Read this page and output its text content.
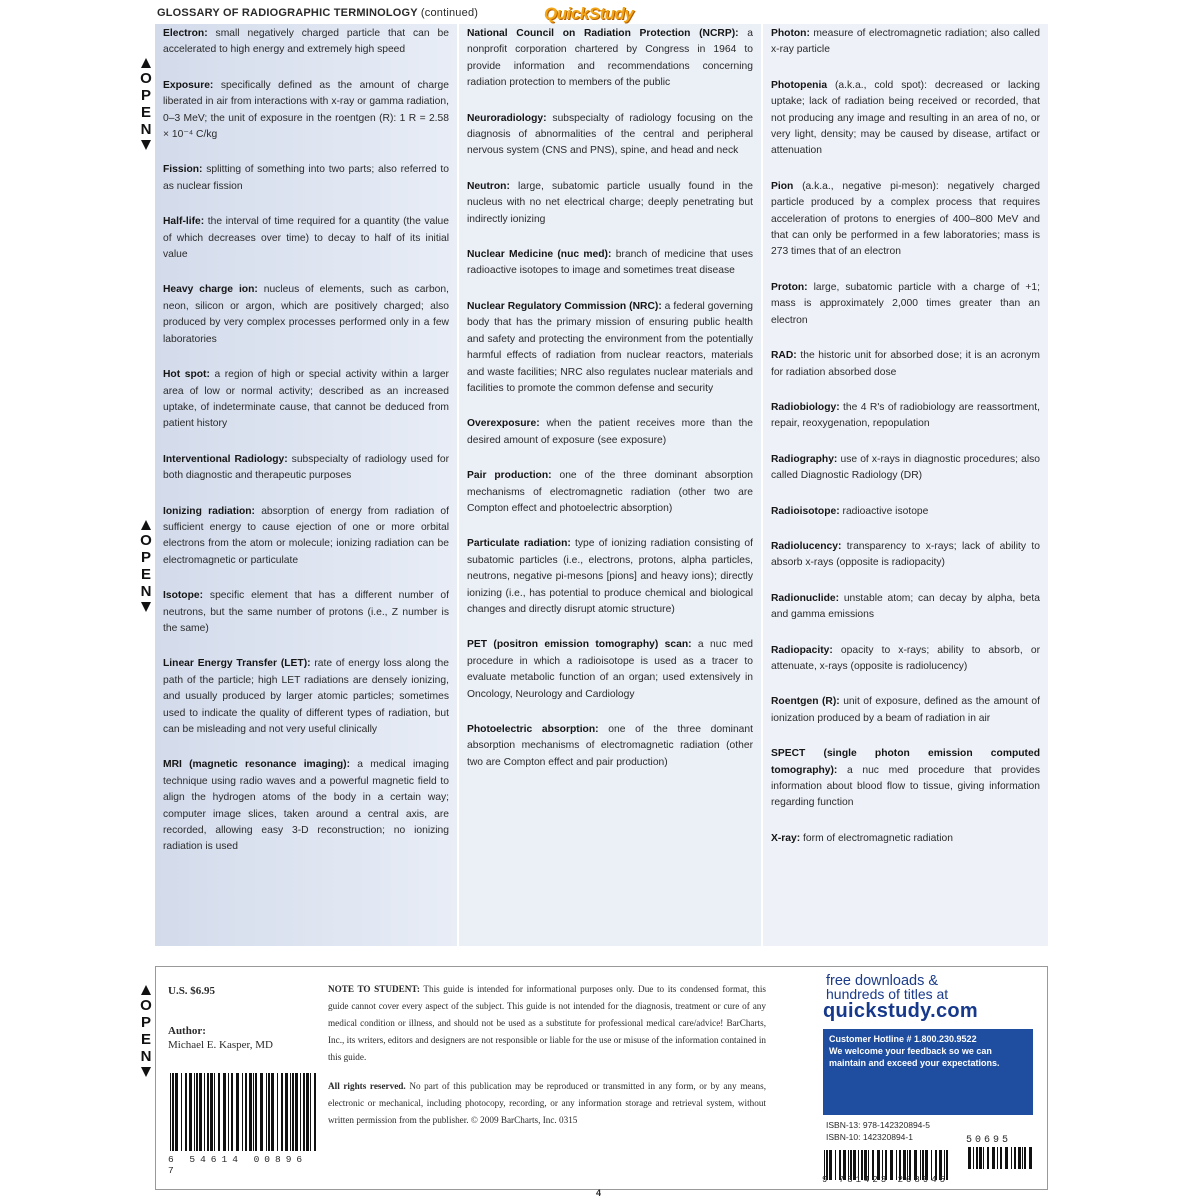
GLOSSARY OF RADIOGRAPHIC TERMINOLOGY (continued)	QuickStudy
O
P
E
N
O
P
E
N
O
P
E
N
Electron: small negatively charged particle that can be accelerated to high energy and extremely high speed
Exposure: specifically defined as the amount of charge liberated in air from interactions with x-ray or gamma radiation, 0–3 MeV; the unit of exposure in the roentgen (R): 1 R = 2.58 × 10⁻⁴ C/kg
Fission: splitting of something into two parts; also referred to as nuclear fission
Half-life: the interval of time required for a quantity (the value of which decreases over time) to decay to half of its initial value
Heavy charge ion: nucleus of elements, such as carbon, neon, silicon or argon, which are positively charged; also produced by very complex processes performed only in a few laboratories
Hot spot: a region of high or special activity within a larger area of low or normal activity; described as an increased uptake, of indeterminate cause, that cannot be deduced from patient history
Interventional Radiology: subspecialty of radiology used for both diagnostic and therapeutic purposes
Ionizing radiation: absorption of energy from radiation of sufficient energy to cause ejection of one or more orbital electrons from the atom or molecule; ionizing radiation can be electromagnetic or particulate
Isotope: specific element that has a different number of neutrons, but the same number of protons (i.e., Z number is the same)
Linear Energy Transfer (LET): rate of energy loss along the path of the particle; high LET radiations are densely ionizing, and usually produced by larger atomic particles; sometimes used to indicate the quality of different types of radiation, but can be misleading and not very useful clinically
MRI (magnetic resonance imaging): a medical imaging technique using radio waves and a powerful magnetic field to align the hydrogen atoms of the body in a certain way; computer image slices, taken around a central axis, are recorded, allowing easy 3-D reconstruction; no ionizing radiation is used
National Council on Radiation Protection (NCRP): a nonprofit corporation chartered by Congress in 1964 to provide information and recommendations concerning radiation protection to members of the public
Neuroradiology: subspecialty of radiology focusing on the diagnosis of abnormalities of the central and peripheral nervous system (CNS and PNS), spine, and head and neck
Neutron: large, subatomic particle usually found in the nucleus with no net electrical charge; deeply penetrating but indirectly ionizing
Nuclear Medicine (nuc med): branch of medicine that uses radioactive isotopes to image and sometimes treat disease
Nuclear Regulatory Commission (NRC): a federal governing body that has the primary mission of ensuring public health and safety and protecting the environment from the potentially harmful effects of radiation from nuclear reactors, materials and waste facilities; NRC also regulates nuclear materials and facilities to promote the common defense and security
Overexposure: when the patient receives more than the desired amount of exposure (see exposure)
Pair production: one of the three dominant absorption mechanisms of electromagnetic radiation (other two are Compton effect and photoelectric absorption)
Particulate radiation: type of ionizing radiation consisting of subatomic particles (i.e., electrons, protons, alpha particles, neutrons, negative pi-mesons [pions] and heavy ions); directly ionizing (i.e., has potential to produce chemical and biological changes and directly disrupt atomic structure)
PET (positron emission tomography) scan: a nuc med procedure in which a radioisotope is used as a tracer to evaluate metabolic function of an organ; used extensively in Oncology, Neurology and Cardiology
Photoelectric absorption: one of the three dominant absorption mechanisms of electromagnetic radiation (other two are Compton effect and pair production)
Photon: measure of electromagnetic radiation; also called x-ray particle
Photopenia (a.k.a., cold spot): decreased or lacking uptake; lack of radiation being received or recorded, that not producing any image and resulting in an area of no, or very light, density; may be caused by disease, artifact or attenuation
Pion (a.k.a., negative pi-meson): negatively charged particle produced by a complex process that requires acceleration of protons to energies of 400–800 MeV and that can only be performed in a few laboratories; mass is 273 times that of an electron
Proton: large, subatomic particle with a charge of +1; mass is approximately 2,000 times greater than an electron
RAD: the historic unit for absorbed dose; it is an acronym for radiation absorbed dose
Radiobiology: the 4 R's of radiobiology are reassortment, repair, reoxygenation, repopulation
Radiography: use of x-rays in diagnostic procedures; also called Diagnostic Radiology (DR)
Radioisotope: radioactive isotope
Radiolucency: transparency to x-rays; lack of ability to absorb x-rays (opposite is radiopacity)
Radionuclide: unstable atom; can decay by alpha, beta and gamma emissions
Radiopacity: opacity to x-rays; ability to absorb, or attenuate, x-rays (opposite is radiolucency)
Roentgen (R): unit of exposure, defined as the amount of ionization produced by a beam of radiation in air
SPECT (single photon emission computed tomography): a nuc med procedure that provides information about blood flow to tissue, giving information regarding function
X-ray: form of electromagnetic radiation
U.S. $6.95
Author:
Michael E. Kasper, MD
6 54614 00896 7

NOTE TO STUDENT: This guide is intended for informational purposes only. Due to its condensed format, this guide cannot cover every aspect of the subject. This guide is not intended for the diagnosis, treatment or cure of any medical condition or illness, and should not be used as a substitute for professional medical care/advice! BarCharts, Inc., its writers, editors and designers are not responsible or liable for the use or misuse of the information contained in this guide.

All rights reserved. No part of this publication may be reproduced or transmitted in any form, or by any means, electronic or mechanical, including photocopy, recording, or any information storage and retrieval system, without written permission from the publisher. © 2009 BarCharts, Inc. 0315

free downloads &
hundreds of titles at
quickstudy.com
Customer Hotline # 1.800.230.9522
We welcome your feedback so we can maintain and exceed your expectations.
ISBN-13: 978-142320894-5
ISBN-10: 142320894-1	50695
9 781423 208945
4
